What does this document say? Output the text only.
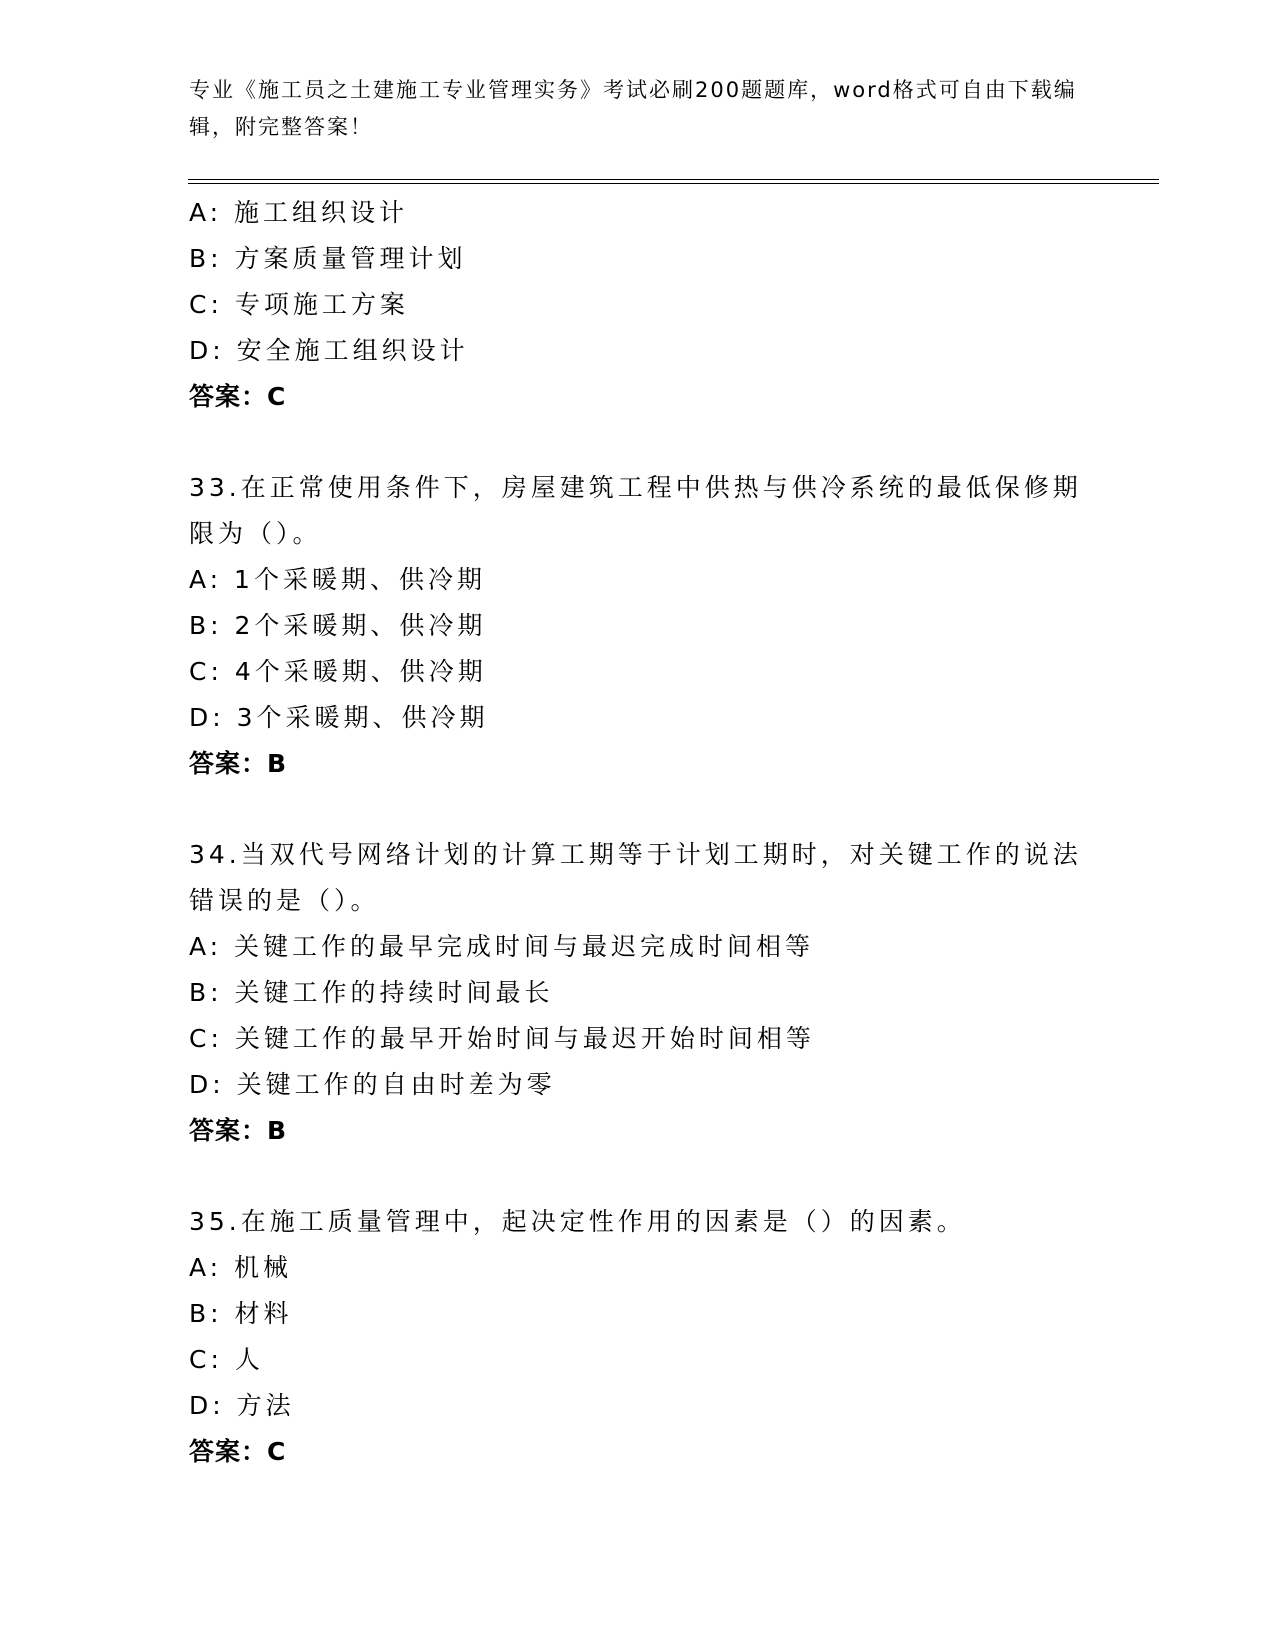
专业《施工员之土建施工专业管理实务》考试必刷200题题库，word格式可自由下载编辑，附完整答案！
A: 施工组织设计
B: 方案质量管理计划
C: 专项施工方案
D: 安全施工组织设计
答案：C
33.在正常使用条件下，房屋建筑工程中供热与供冷系统的最低保修期限为（）。
A: 1个采暖期、供冷期
B: 2个采暖期、供冷期
C: 4个采暖期、供冷期
D: 3个采暖期、供冷期
答案：B
34.当双代号网络计划的计算工期等于计划工期时，对关键工作的说法错误的是（）。
A: 关键工作的最早完成时间与最迟完成时间相等
B: 关键工作的持续时间最长
C: 关键工作的最早开始时间与最迟开始时间相等
D: 关键工作的自由时差为零
答案：B
35.在施工质量管理中，起决定性作用的因素是（）的因素。
A: 机械
B: 材料
C: 人
D: 方法
答案：C
